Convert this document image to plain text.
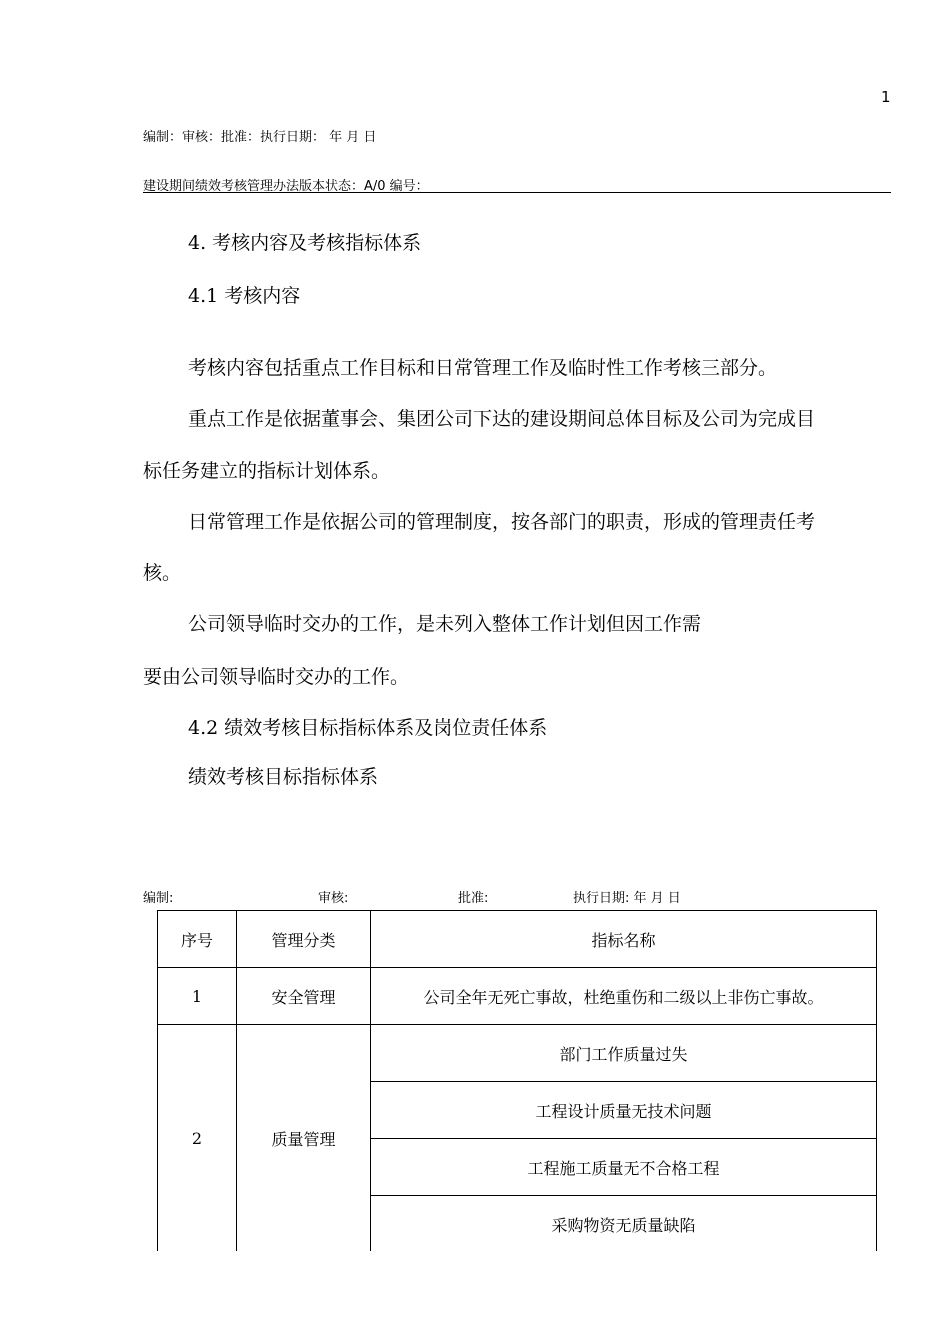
1
编制：审核：批准：执行日期： 年 月 日
建设期间绩效考核管理办法版本状态：A/0 编号：
4. 考核内容及考核指标体系
4.1 考核内容
考核内容包括重点工作目标和日常管理工作及临时性工作考核三部分。
重点工作是依据董事会、集团公司下达的建设期间总体目标及公司为完成目
标任务建立的指标计划体系。
日常管理工作是依据公司的管理制度，按各部门的职责，形成的管理责任考
核。
公司领导临时交办的工作，是未列入整体工作计划但因工作需
要由公司领导临时交办的工作。
4.2 绩效考核目标指标体系及岗位责任体系
绩效考核目标指标体系
编制:	审核:	批准:	执行日期: 年 月 日
序号	管理分类	指标名称
1	安全管理	公司全年无死亡事故，杜绝重伤和二级以上非伤亡事故。
2	质量管理	部门工作质量过失
		工程设计质量无技术问题
		工程施工质量无不合格工程
		采购物资无质量缺陷
